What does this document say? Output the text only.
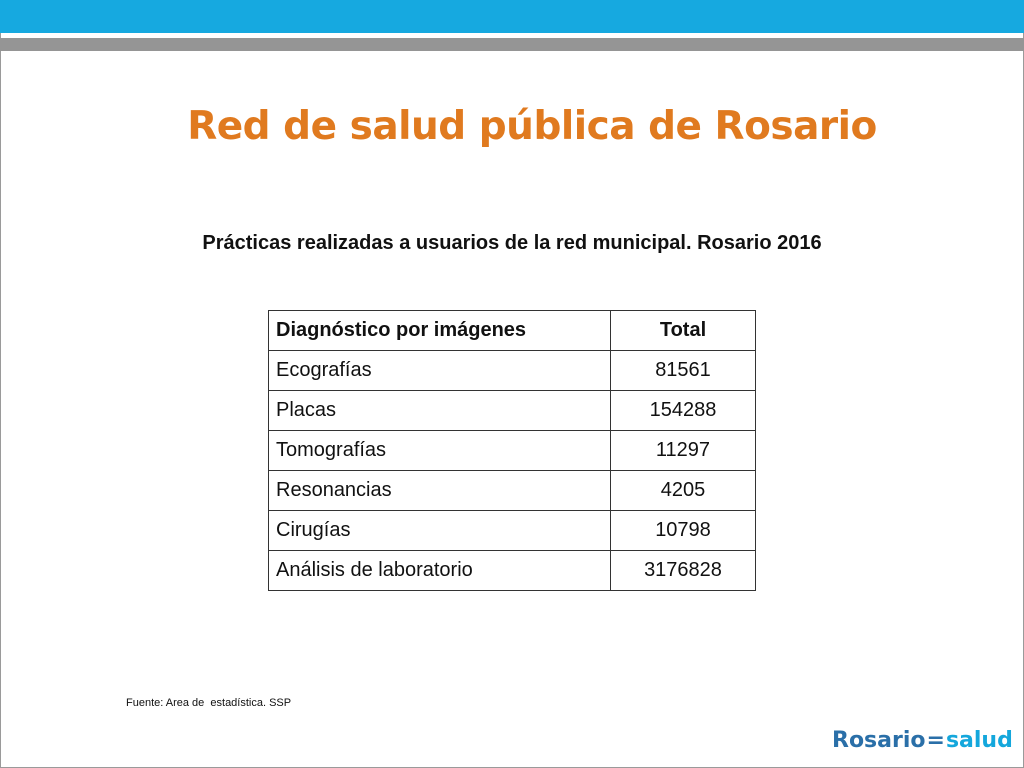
Red de salud pública de Rosario

Prácticas realizadas a usuarios de la red municipal. Rosario 2016

Diagnóstico por imágenes	Total
Ecografías	81561
Placas	154288
Tomografías	11297
Resonancias	4205
Cirugías	10798
Análisis de laboratorio	3176828
Fuente: Area de  estadística. SSP
Rosario=salud
